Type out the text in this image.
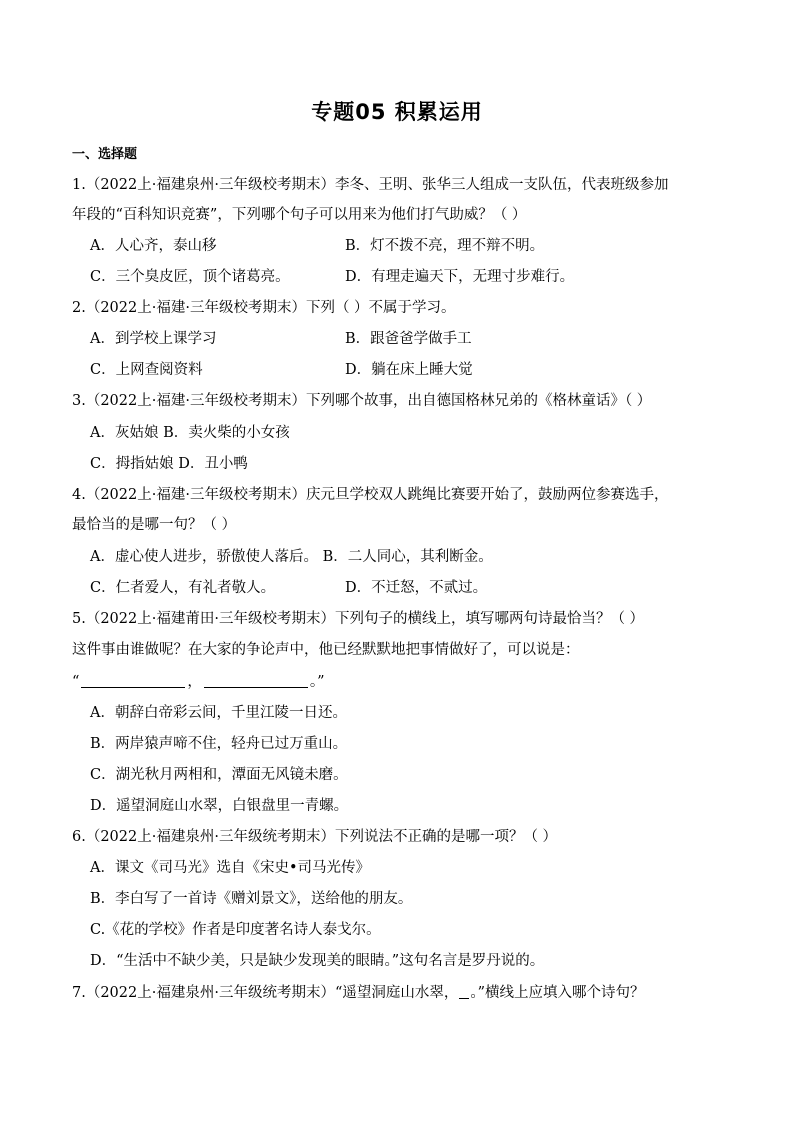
专题05 积累运用
一、选择题
1.（2022上·福建泉州·三年级校考期末）李冬、王明、张华三人组成一支队伍，代表班级参加
年段的“百科知识竞赛”，下列哪个句子可以用来为他们打气助威？（ ）
A．人心齐，泰山移	B．灯不拨不亮，理不辩不明。
C．三个臭皮匠，顶个诸葛亮。	D．有理走遍天下，无理寸步难行。
2.（2022上·福建·三年级校考期末）下列（ ）不属于学习。
A．到学校上课学习	B．跟爸爸学做手工
C．上网查阅资料	D．躺在床上睡大觉
3.（2022上·福建·三年级校考期末）下列哪个故事，出自德国格林兄弟的《格林童话》（ ）
A．灰姑娘 B．卖火柴的小女孩
C．拇指姑娘 D．丑小鸭
4.（2022上·福建·三年级校考期末）庆元旦学校双人跳绳比赛要开始了，鼓励两位参赛选手，
最恰当的是哪一句？（ ）
A．虚心使人进步，骄傲使人落后。 B．二人同心，其利断金。
C．仁者爱人，有礼者敬人。	D．不迁怒，不贰过。
5.（2022上·福建莆田·三年级校考期末）下列句子的横线上，填写哪两句诗最恰当？（ ）
这件事由谁做呢？在大家的争论声中，他已经默默地把事情做好了，可以说是：
“	，	。”
A．朝辞白帝彩云间，千里江陵一日还。
B．两岸猿声啼不住，轻舟已过万重山。
C．湖光秋月两相和，潭面无风镜未磨。
D．遥望洞庭山水翠，白银盘里一青螺。
6.（2022上·福建泉州·三年级统考期末）下列说法不正确的是哪一项？（ ）
A．课文《司马光》选自《宋史•司马光传》
B．李白写了一首诗《赠刘景文》，送给他的朋友。
C.《花的学校》作者是印度著名诗人泰戈尔。
D．“生活中不缺少美，只是缺少发现美的眼睛。”这句名言是罗丹说的。
7.（2022上·福建泉州·三年级统考期末）“遥望洞庭山水翠， 。”横线上应填入哪个诗句？
